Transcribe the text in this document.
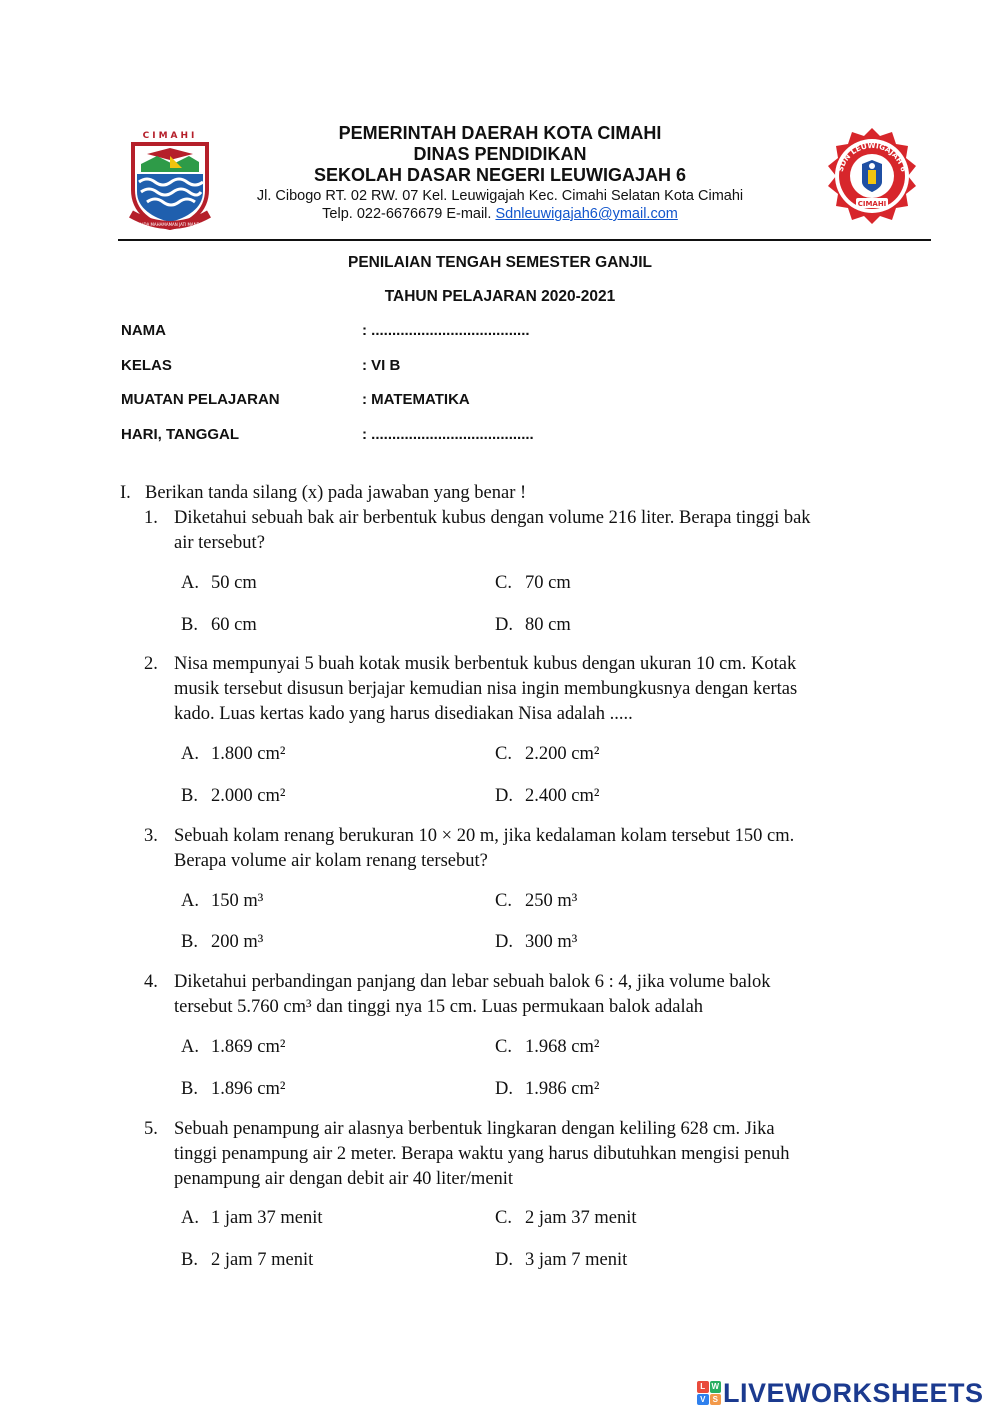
CIMAHI
PALIDA MAHAMAMAN JATI MANDIRI
PEMERINTAH DAERAH KOTA CIMAHI
DINAS PENDIDIKAN
SEKOLAH DASAR NEGERI LEUWIGAJAH 6
Jl. Cibogo RT. 02 RW. 07 Kel. Leuwigajah Kec. Cimahi Selatan Kota Cimahi
Telp. 022-6676679 E-mail. Sdnleuwigajah6@ymail.com
SDN LEUWIGAJAH 6
CIMAHI
PENILAIAN TENGAH SEMESTER GANJIL
TAHUN PELAJARAN 2020-2021
NAMA	: ......................................
KELAS	: VI B
MUATAN PELAJARAN	: MATEMATIKA
HARI, TANGGAL	: .......................................
I. Berikan tanda silang (x) pada jawaban yang benar !
1. Diketahui sebuah bak air berbentuk kubus dengan volume 216 liter. Berapa tinggi bak
air tersebut?
A. 50 cm
B. 60 cm
C. 70 cm
D. 80 cm
2. Nisa mempunyai 5 buah kotak musik berbentuk kubus dengan ukuran 10 cm. Kotak
musik tersebut disusun berjajar kemudian nisa ingin membungkusnya dengan kertas
kado. Luas kertas kado yang harus disediakan Nisa adalah .....
A. 1.800 cm²
B. 2.000 cm²
C. 2.200 cm²
D. 2.400 cm²
3. Sebuah kolam renang berukuran 10 × 20 m, jika kedalaman kolam tersebut 150 cm.
Berapa volume air kolam renang tersebut?
A. 150 m³
B. 200 m³
C. 250 m³
D. 300 m³
4. Diketahui perbandingan panjang dan lebar sebuah balok 6 : 4, jika volume balok
tersebut 5.760 cm³ dan tinggi nya 15 cm. Luas permukaan balok adalah
A. 1.869 cm²
B. 1.896 cm²
C. 1.968 cm²
D. 1.986 cm²
5. Sebuah penampung air alasnya berbentuk lingkaran dengan keliling 628 cm. Jika
tinggi penampung air 2 meter. Berapa waktu yang harus dibutuhkan mengisi penuh
penampung air dengan debit air 40 liter/menit
A. 1 jam 37 menit
B. 2 jam 7 menit
C. 2 jam 37 menit
D. 3 jam 7 menit
L W
V S LIVEWORKSHEETS
